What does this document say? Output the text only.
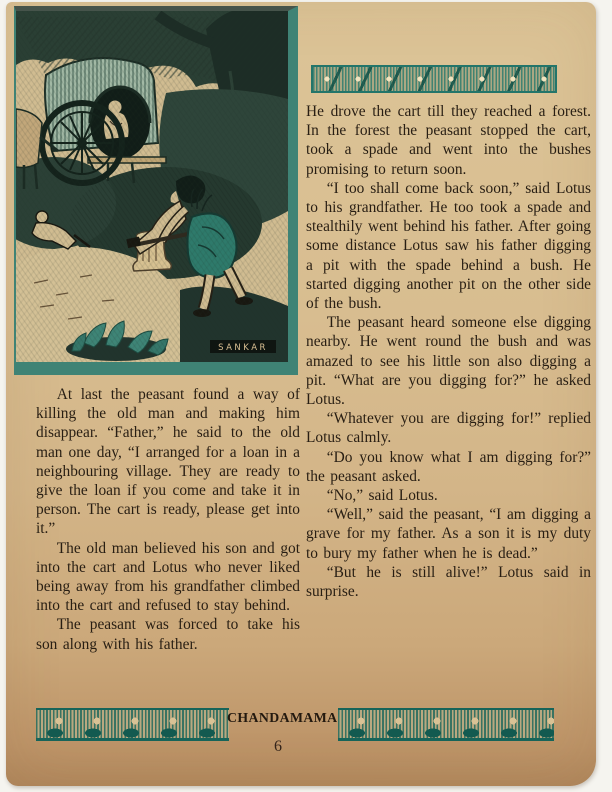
SANKAR

He drove the cart till they reached a forest. In the forest the peasant stopped the cart, took a spade and went into the bushes promising to return soon.

“I too shall come back soon,” said Lotus to his grandfather. He too took a spade and stealthily went behind his father. After going some distance Lotus saw his father digging a pit with the spade behind a bush. He started digging another pit on the other side of the bush.

The peasant heard someone else digging nearby. He went round the bush and was amazed to see his little son also digging a pit. “What are you digging for?” he asked Lotus.

“Whatever you are digging for!” replied Lotus calmly.

“Do you know what I am digging for?” the peasant asked.

“No,” said Lotus.

“Well,” said the peasant, “I am digging a grave for my father. As a son it is my duty to bury my father when he is dead.”

“But he is still alive!” Lotus said in surprise.

At last the peasant found a way of killing the old man and making him disappear. “Father,” he said to the old man one day, “I arranged for a loan in a neighbouring village. They are ready to give the loan if you come and take it in person. The cart is ready, please get into it.”

The old man believed his son and got into the cart and Lotus who never liked being away from his grandfather climbed into the cart and refused to stay behind.

The peasant was forced to take his son along with his father.

CHANDAMAMA
6
